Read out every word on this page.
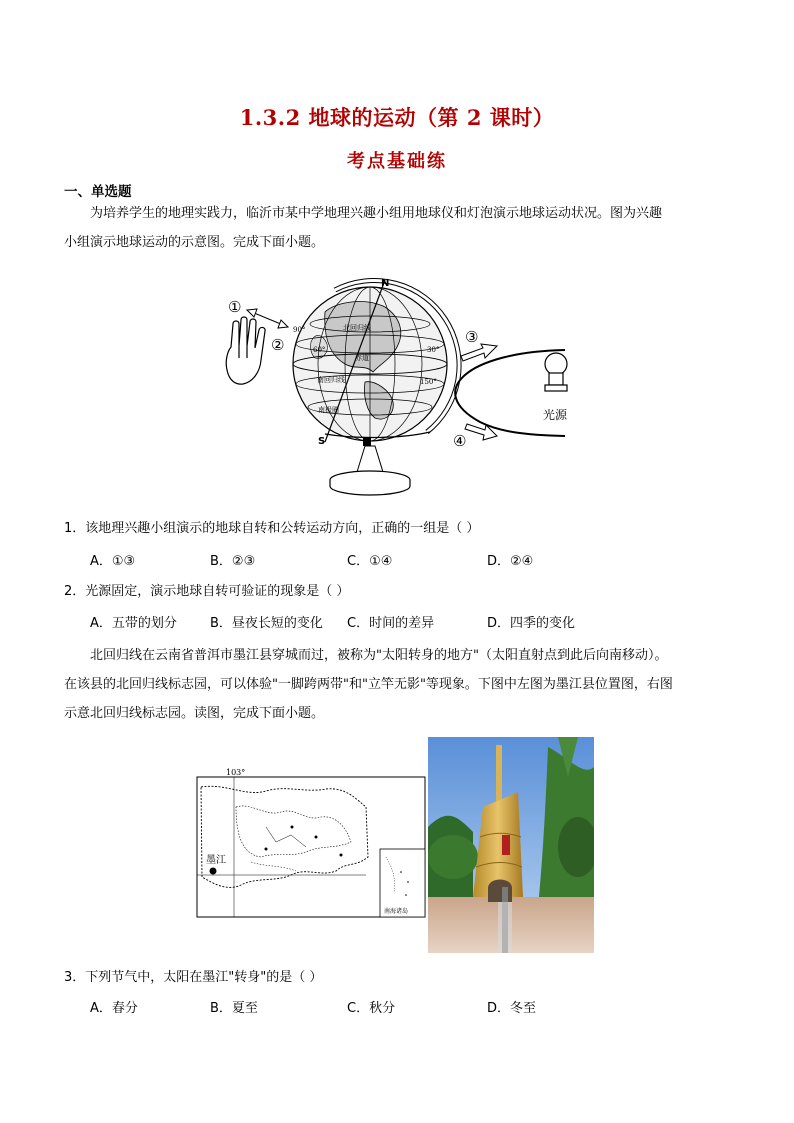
1.3.2 地球的运动（第 2 课时）
考点基础练
一、单选题
为培养学生的地理实践力，临沂市某中学地理兴趣小组用地球仪和灯泡演示地球运动状况。图为兴趣
小组演示地球运动的示意图。完成下面小题。
①
②
N
S
北回归线
赤道
南回归线
南极圈
90°
60°
150°
30°
③
④
光源
1．该地理兴趣小组演示的地球自转和公转运动方向，正确的一组是（ ）
A．①③	B．②③	C．①④	D．②④
2．光源固定，演示地球自转可验证的现象是（ ）
A．五带的划分	B．昼夜长短的变化 C．时间的差异	D．四季的变化
北回归线在云南省普洱市墨江县穿城而过，被称为"太阳转身的地方"（太阳直射点到此后向南移动）。
在该县的北回归线标志园，可以体验"一脚跨两带"和"立竿无影"等现象。下图中左图为墨江县位置图，右图
示意北回归线标志园。读图，完成下面小题。
103°
墨江
南海诸岛
3．下列节气中，太阳在墨江"转身"的是（ ）
A．春分	B．夏至	C．秋分	D．冬至
